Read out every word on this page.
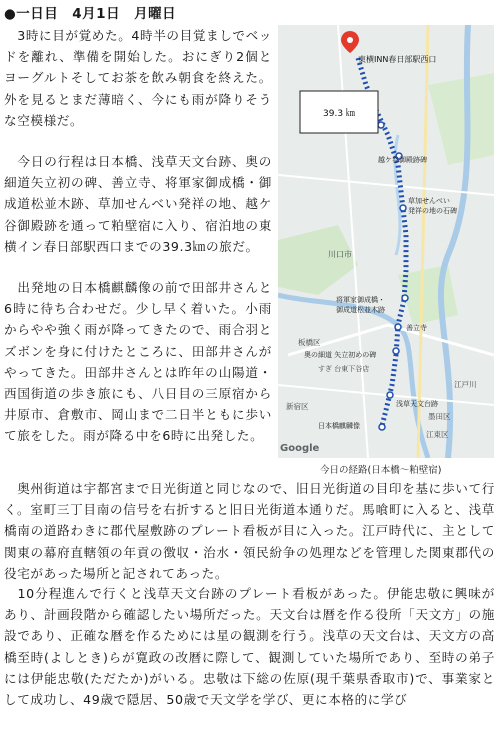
●一日目　4月1日　月曜日

　3時に目が覚めた。4時半の目覚ましでベッドを離れ、準備を開始した。おにぎり2個とヨーグルトそしてお茶を飲み朝食を終えた。外を見るとまだ薄暗く、今にも雨が降りそうな空模様だ。

　今日の行程は日本橋、浅草天文台跡、奥の細道矢立初の碑、善立寺、将軍家御成橋・御成道松並木跡、草加せんべい発祥の地、越ケ谷御殿跡を通って粕壁宿に入り、宿泊地の東横イン春日部駅西口までの39.3㎞の旅だ。

　出発地の日本橋麒麟像の前で田部井さんと6時に待ち合わせだ。少し早く着いた。小雨からやや強く雨が降ってきたので、雨合羽とズボンを身に付けたところに、田部井さんがやってきた。田部井さんとは昨年の山陽道・西国街道の歩き旅にも、八日目の三原宿から井原市、倉敷市、岡山まで二日半ともに歩いて旅をした。雨が降る中を6時に出発した。

　奥州街道は宇都宮まで日光街道と同じなので、旧日光街道の目印を基に歩いて行く。室町三丁目南の信号を右折すると旧日光街道本通りだ。馬喰町に入ると、浅草橋南の道路わきに郡代屋敷跡のプレート看板が目に入った。江戸時代に、主として関東の幕府直轄領の年貢の徴収・治水・領民紛争の処理などを管理した関東郡代の役宅があった場所と記されてあった。

　10分程進んで行くと浅草天文台跡のプレート看板があった。伊能忠敬に興味があり、計画段階から確認したい場所だった。天文台は暦を作る役所「天文方」の施設であり、正確な暦を作るためには星の観測を行う。浅草の天文台は、天文方の高橋至時(よしとき)らが寛政の改暦に際して、観測していた場所であり、至時の弟子には伊能忠敬(ただたか)がいる。忠敬は下総の佐原(現千葉県香取市)で、事業家として成功し、49歳で隠居、50歳で天文学を学び、更に本格的に学び

39.3 ㎞
東横INN春日部駅西口
越ケ谷御殿跡碑
草加せんべい
発祥の地の石碑
川口市
将軍家御成橋・
御成道松並木跡
善立寺
板橋区
奥の細道 矢立初めの碑
すぎ 台東下谷店
江戸川
新宿区	浅草天文台跡
墨田区
日本橋麒麟像
江東区
Google
今日の経路(日本橋～粕壁宿)
